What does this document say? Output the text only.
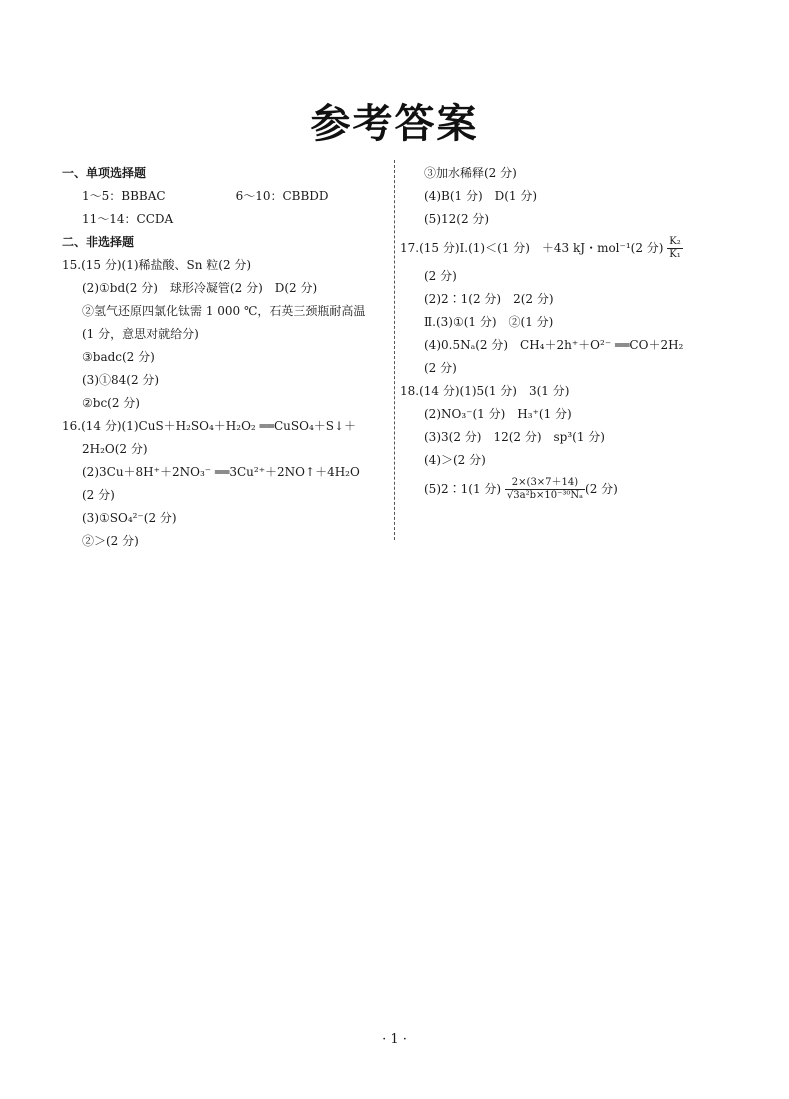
参考答案
一、单项选择题
1～5：BBBAC	6～10：CBBDD
11～14：CCDA
二、非选择题
15.(15 分)(1)稀盐酸、Sn 粒(2 分)
(2)①bd(2 分)　球形冷凝管(2 分)　D(2 分)
②氢气还原四氯化钛需 1 000 ℃，石英三颈瓶耐高温
(1 分，意思对就给分)
③badc(2 分)
(3)①84(2 分)
②bc(2 分)
16.(14 分)(1)CuS＋H₂SO₄＋H₂O₂ ══CuSO₄＋S↓＋
2H₂O(2 分)
(2)3Cu＋8H⁺＋2NO₃⁻ ══3Cu²⁺＋2NO↑＋4H₂O
(2 分)
(3)①SO₄²⁻(2 分)
②＞(2 分)
③加水稀释(2 分)
(4)B(1 分)　D(1 分)
(5)12(2 分)
17.(15 分)Ⅰ.(1)＜(1 分)　＋43 kJ・mol⁻¹(2 分) $\frac{\text{K₂}}{\text{K₁}}$
(2 分)
(2)2∶1(2 分)　2(2 分)
Ⅱ.(3)①(1 分)　②(1 分)
(4)0.5Nₐ(2 分)　CH₄＋2h⁺＋O²⁻ ══CO＋2H₂
(2 分)
18.(14 分)(1)5(1 分)　3(1 分)
(2)NO₃⁻(1 分)　H₃⁺(1 分)
(3)3(2 分)　12(2 分)　sp³(1 分)
(4)＞(2 分)
(5)2∶1(1 分) $\frac{2\times(3\times 7+14)}{\text{√3a²b×10⁻³⁰Nₐ}} (2$ 分)
· 1 ·
